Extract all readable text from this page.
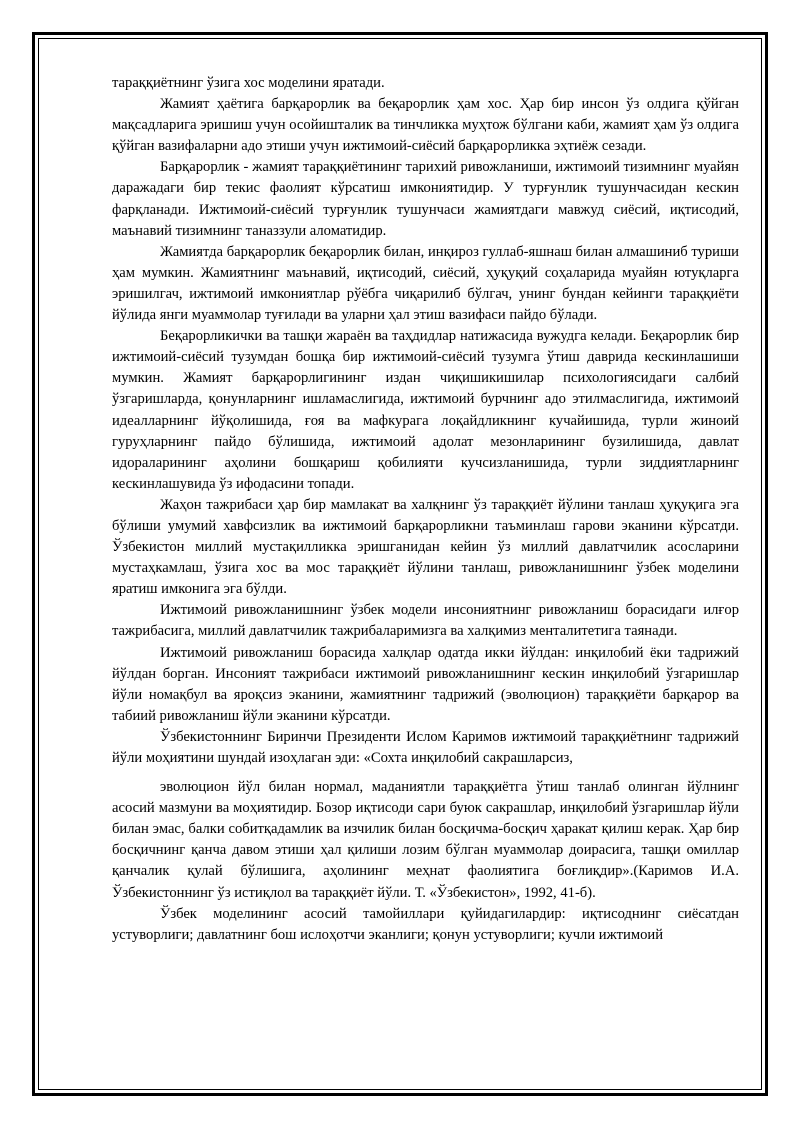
тараққиётнинг ўзига хос моделини яратади.

Жамият ҳаётига барқарорлик ва беқарорлик ҳам хос. Ҳар бир инсон ўз олдига қўйган мақсадларига эришиш учун осойишталик ва тинчликка муҳтож бўлгани каби, жамият ҳам ўз олдига қўйган вазифаларни адо этиши учун ижтимоий-сиёсий барқарорликка эҳтиёж сезади.

Барқарорлик - жамият тараққиётининг тарихий ривожланиши, ижтимоий тизимнинг муайян даражадаги бир текис фаолият кўрсатиш имкониятидир. У турғунлик тушунчасидан кескин фарқланади. Ижтимоий-сиёсий турғунлик тушунчаси жамиятдаги мавжуд сиёсий, иқтисодий, маънавий тизимнинг таназзули аломатидир.

Жамиятда барқарорлик беқарорлик билан, инқироз гуллаб-яшнаш билан алмашиниб туриши ҳам мумкин. Жамиятнинг маънавий, иқтисодий, сиёсий, ҳуқуқий соҳаларида муайян ютуқларга эришилгач, ижтимоий имкониятлар рўёбга чиқарилиб бўлгач, унинг бундан кейинги тараққиёти йўлида янги муаммолар туғилади ва уларни ҳал этиш вазифаси пайдо бўлади.

Беқарорликички ва ташқи жараён ва таҳдидлар натижасида вужудга келади. Беқарорлик бир ижтимоий-сиёсий тузумдан бошқа бир ижтимоий-сиёсий тузумга ўтиш даврида кескинлашиши мумкин. Жамият барқарорлигининг издан чиқишикишилар психологиясидаги салбий ўзгаришларда, қонунларнинг ишламаслигида, ижтимоий бурчнинг адо этилмаслигида, ижтимоий идеалларнинг йўқолишида, ғоя ва мафкурага лоқайдликнинг кучайишида, турли жиноий гуруҳларнинг пайдо бўлишида, ижтимоий адолат мезонларининг бузилишида, давлат идораларининг аҳолини бошқариш қобилияти кучсизланишида, турли зиддиятларнинг кескинлашувида ўз ифодасини топади.

Жаҳон тажрибаси ҳар бир мамлакат ва халқнинг ўз тараққиёт йўлини танлаш ҳуқуқига эга бўлиши умумий хавфсизлик ва ижтимоий барқарорликни таъминлаш гарови эканини кўрсатди. Ўзбекистон миллий мустақилликка эришганидан кейин ўз миллий давлатчилик асосларини мустаҳкамлаш, ўзига хос ва мос тараққиёт йўлини танлаш, ривожланишнинг ўзбек моделини яратиш имконига эга бўлди.

Ижтимоий ривожланишнинг ўзбек модели инсониятнинг ривожланиш борасидаги илғор тажрибасига, миллий давлатчилик тажрибаларимизга ва халқимиз менталитетига таянади.

Ижтимоий ривожланиш борасида халқлар одатда икки йўлдан: инқилобий ёки тадрижий йўлдан борган. Инсоният тажрибаси ижтимоий ривожланишнинг кескин инқилобий ўзгаришлар йўли номақбул ва яроқсиз эканини, жамиятнинг тадрижий (эволюцион) тараққиёти барқарор ва табиий ривожланиш йўли эканини кўрсатди.

Ўзбекистоннинг Биринчи Президенти Ислом Каримов ижтимоий тараққиётнинг тадрижий йўли моҳиятини шундай изоҳлаган эди: «Сохта инқилобий сакрашларсиз,

эволюцион йўл билан нормал, маданиятли тараққиётга ўтиш танлаб олинган йўлнинг асосий мазмуни ва моҳиятидир. Бозор иқтисоди сари буюк сакрашлар, инқилобий ўзгаришлар йўли билан эмас, балки собитқадамлик ва изчилик билан босқичма-босқич ҳаракат қилиш керак. Ҳар бир босқичнинг қанча давом этиши ҳал қилиши лозим бўлган муаммолар доирасига, ташқи омиллар қанчалик қулай бўлишига, аҳолининг меҳнат фаолиятига боғлиқдир».(Каримов И.А. Ўзбекистоннинг ўз истиқлол ва тараққиёт йўли. Т. «Ўзбекистон», 1992, 41-б).

Ўзбек моделининг асосий тамойиллари қуйидагилардир: иқтисоднинг сиёсатдан устуворлиги; давлатнинг бош ислоҳотчи эканлиги; қонун устуворлиги; кучли ижтимоий
